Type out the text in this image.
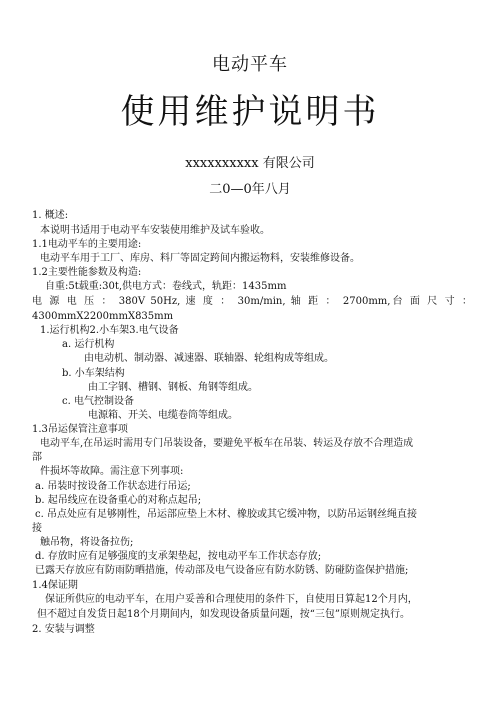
电动平车
使用维护说明书
xxxxxxxxxx 有限公司
二0—0年八月
1. 概述:
本说明书适用于电动平车安装使用维护及试车验收。
1.1电动平车的主要用途:
电动平车用于工厂、库房、料厂等固定跨间内搬运物料，安装维修设备。
1.2主要性能参数及构造:
自重:5t载重:30t,供电方式：卷线式，轨距：1435mm
电 源 电 压 ： 380V 50Hz, 速 度 ： 30m/min, 轴 距 ： 2700mm,台 面 尺 寸 ：
4300mmX2200mmX835mm
1.运行机构2.小车架3.电气设备
a. 运行机构
由电动机、制动器、减速器、联轴器、轮组构成等组成。
b. 小车架结构
由工字钢、槽钢、钢板、角钢等组成。
c. 电气控制设备
电源箱、开关、电缆卷筒等组成。
1.3吊运保管注意事项
电动平车,在吊运时需用专门吊装设备，要避免平板车在吊装、转运及存放不合理造成
部
件损坏等故障。需注意下列事项:
a. 吊装时按设备工作状态进行吊运;
b. 起吊线应在设备重心的对称点起吊;
c. 吊点处应有足够刚性，吊运部应垫上木材、橡胶或其它缓冲物，以防吊运钢丝绳直接
接
触吊物，将设备拉伤;
d. 存放时应有足够强度的支承架垫起，按电动平车工作状态存放;
已露天存放应有防雨防晒措施，传动部及电气设备应有防水防锈、防碰防盗保护措施;
1.4保证期
保证所供应的电动平车，在用户妥善和合理使用的条件下，自使用日算起12个月内，
但不超过自发货日起18个月期间内，如发现设备质量问题，按“三包”原则规定执行。
2. 安装与调整
